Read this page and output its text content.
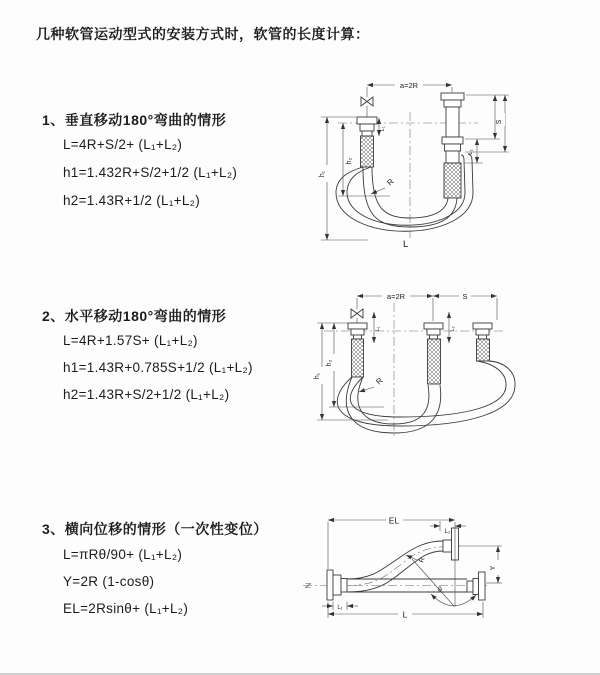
几种软管运动型式的安装方式时，软管的长度计算：
1、垂直移动180°弯曲的情形
L=4R+S/2+ (L₁+L₂)
h1=1.432R+S/2+1/2 (L₁+L₂)
h2=1.43R+1/2 (L₁+L₂)
2、水平移动180°弯曲的情形
L=4R+1.57S+ (L₁+L₂)
h1=1.43R+0.785S+1/2 (L₁+L₂)
h2=1.43R+S/2+1/2 (L₁+L₂)
3、横向位移的情形（一次性变位）
L=πRθ/90+ (L₁+L₂)
Y=2R (1-cosθ)
EL=2Rsinθ+ (L₁+L₂)
a=2R
h₁
h₂
L₁
S
L₂
R
L
a=2R	S
L₁	L₂
h₁
h₂
R
EL
L₂
R
θ
Y
L
L₁
